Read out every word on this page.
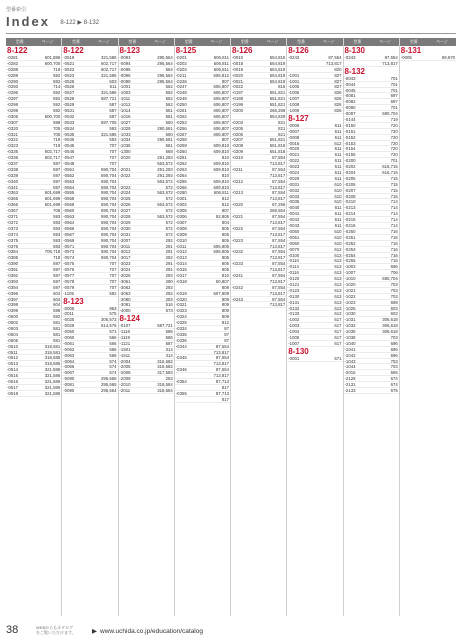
型番索引
Index 8-122 ▶ 8-132
型番	ページ
8-122
-0281	601,886
-0282	600,700
-0288	719
-0289	592
-0290	592
-0293	714
-0296	592
-0297	592
-0298	592
-0299	592
-0306	600,700
-0307	598
-0320	705
-0321	705
-0322	719
-0323	719
-0335	602,717
-0336	602,717
-0337	597
-0338	597
-0339	597
-0340	597
-0341	597
-0363	601,699
-0365	601,699
-0366	601,699
-0367	706
-0371	593
-0372	593
-0373	593
-0374	593
-0375	593
-0376	593
-0384	705,718
-0385	718
-0390	597
-0391	597
-0392	597
-0393	597
-0394	597
-0396	604
-0397	604
-0398	604
-0399	598
-0500	592
-0502	581
-0503	581
-0504	581
-0505	581
-0510	319,581
-0511	319,581
-0512	318,585
-0513	318,585
-0514	321,586
-0515	321,586
-0516	321,586
-0517	321,586
-0518	321,586
型番	ページ
8-122
-0519	321,586
-0521	602,717
-0522	602,717
-0523	321,586
-0525	603
-0526	611
-0527	321,586
-0528	587,721
-0529	587
-0531	587
-0532	587
-0533	597,705
-0534	593
-0535	321,586
-0536	593
-0545	707
-0546	707
-0547	707
-0548	707
-0551	590,704
-0552	590,704
-0553	590,704
-0554	590,704
-0555	590,704
-0558	590,704
-0559	590,704
-0560	590,704
-0563	590,704
-0564	590,704
-0566	590,704
-0567	590,704
-0569	590,704
-0571	590,704
-0573	590,704
-0574	590,704
-0575	707
-0576	707
-0577	707
-0578	707
-0579	707
-1105	592
8-123
-0005	963
-0011	575
-0025	306,573
-0029	514,576
-0050	571
-0060	566
-0061	566
-0062	566
-0063	566
-0064	574
-0066	574
-0067	574
-0080	295,565
-0081	295,565
-0090	295,564
型番	ページ
8-123
-0093	295,564
-0094	295,564
-0095	564
-0096	295,564
-0099	295,564
-1001	562
-1003	562
-1011	562
-1012	562
-1014	561
-1016	561
-1027	560
-1029	290,561
-1033	560
-1034	290,561
-1035	561
-1300	568
-2020	291,293
563,572
-2021	291,293
-2022	291,293
563,572
-2023	572
-2024	563,572
-2025	572
-2026	563,572
-2027	572
-2028	563,572
-2029	572
-2030	572
-2031	572
-3007	292
-3011	291
-3012	291
-3017	292
-3023	291
-3024	291
-3026	293
-3061	290
-3062	293
-3063	292
-3080	293
-3081	516
-4000	573
8-124
-0107	587,721
-1118	586
-1119	586
-1121	587
-1501	314
-1511	314
-2004	316,582
-2005	316,582
-2008	317,583
-2009	263
-2010	318,584
-2011	318,584
型番	ページ
8-125
-0201	606,811
-0202	606,811
-0203	606,811
-0211	606,812
-0226	807
-0247	606,807
-0248	606,807
-0249	606,807
-0250	606,807
-0251	606,807
-0252	606,807
-0253	606,807
-0256	606,807
-0257	606,807
-0258	807
-0259	609,810
-0260	609,810
-0261	810
-0262	609,810
-0263	609,810
-0264	810
-0265	609,810
-0266	609,810
-0280	606,811
-0301	812
-0302	812
-0305	807
-0306	92,805
-0307	804
-0308	805
-0309	805
-0310	805
-0311	606,805
-0312	606,805
-0313	805
-0314	805
-0315	805
-0317	810
-0318	60,807
809
-0319	607,809
-0320	809
-0321	809
-0323	809
-0324	809
-0325	812
-0334	87
-0335	87
-0336	87
-0344	87,554
713,817
-0345	87,554
713,817
-0346	87,554
713,817
-0354	87,713
817
-0355	87,713
817
型番	ページ
8-126
-0010	554,815
-0018	554,819
-0019	554,819
-0020	554,819
-0021	554,819
-0022	815
-0197	551,821
-0198	551,821
-0199	551,821
-0200	266,268
554,829
-0203	821
-0205	821
-0206	821
-0207	551,821
-0208	551,818
-0209	551,818
-0210	87,554
713,817
-0211	87,554
713,817
-0212	87,554
713,817
-0213	87,554
713,817
-0220	87,266
268,554
-0221	87,554
713,817
-0222	87,554
713,817
-0223	87,554
713,817
-0232	87,554
713,817
-0233	87,554
713,817
-0241	87,554
713,817
-0242	87,554
713,817
-0243	87,554
713,817
型番	ページ
8-126
-0243	87,554
713,817
820
-1001	827
-1001	827
-1005	827
-1006	826
-1007	826
-1008	826
-1009	826
8-127
-0006	611
-0007	611
-0008	611
-0016	612
-0020	611
-0021	611
-0022	611
-0023	611
-0024	611
-0029	611
-0031	610
-0032	610
-0033	610
-0035	610
-0040	611
-0041	611
-0042	611
-0043	611
-0050	610
-0051	610
-0060	610
-0070	612
-0100	613
-0110	613
-0114	613
-0116	613
-0120	613
-0121	613
-0123	613
-0130	613
-0131	613
-0132	613
-0133	613
-1002	617
-1003	617
-1004	617
-1005	617
-1007	617
8-130
-0001	671
型番	ページ
8-130
-0243	87,554
713,817
8-132
-0043	701
-0044	701
-0045	701
-0081	697
-0082	697
-0090	701
-0097	590,704
-0144	719
-0150	720
-0151	720
-0152	720
-0153	720
-0154	720
-0155	720
-0200	701
-0202	616,715
-0204	616,715
-0205	715
-0206	715
-0207	715
-0208	715
-0210	714
-0213	714
-0214	714
-0215	714
-0216	714
-0250	716
-0251	716
-0252	716
-0253	716
-0254	716
-0255	716
-1003	696
-1007	706
-1010	590,704
-1020	703
-1021	703
-1022	703
-1023	698
-1026	603
-1030	603
-1031	306,618
-1032	306,618
-1035	306,618
-1038	703
-1040	696
-1041	696
-1042	696
-1043	703
-1044	703
-2015	665
-2128	674
-2131	674
-2133	675
型番	ページ
8-131
-0005	69,670
38	WEBからもカタログをご覧いただけます。	▶ www.uchida.co.jp/education/catalog
